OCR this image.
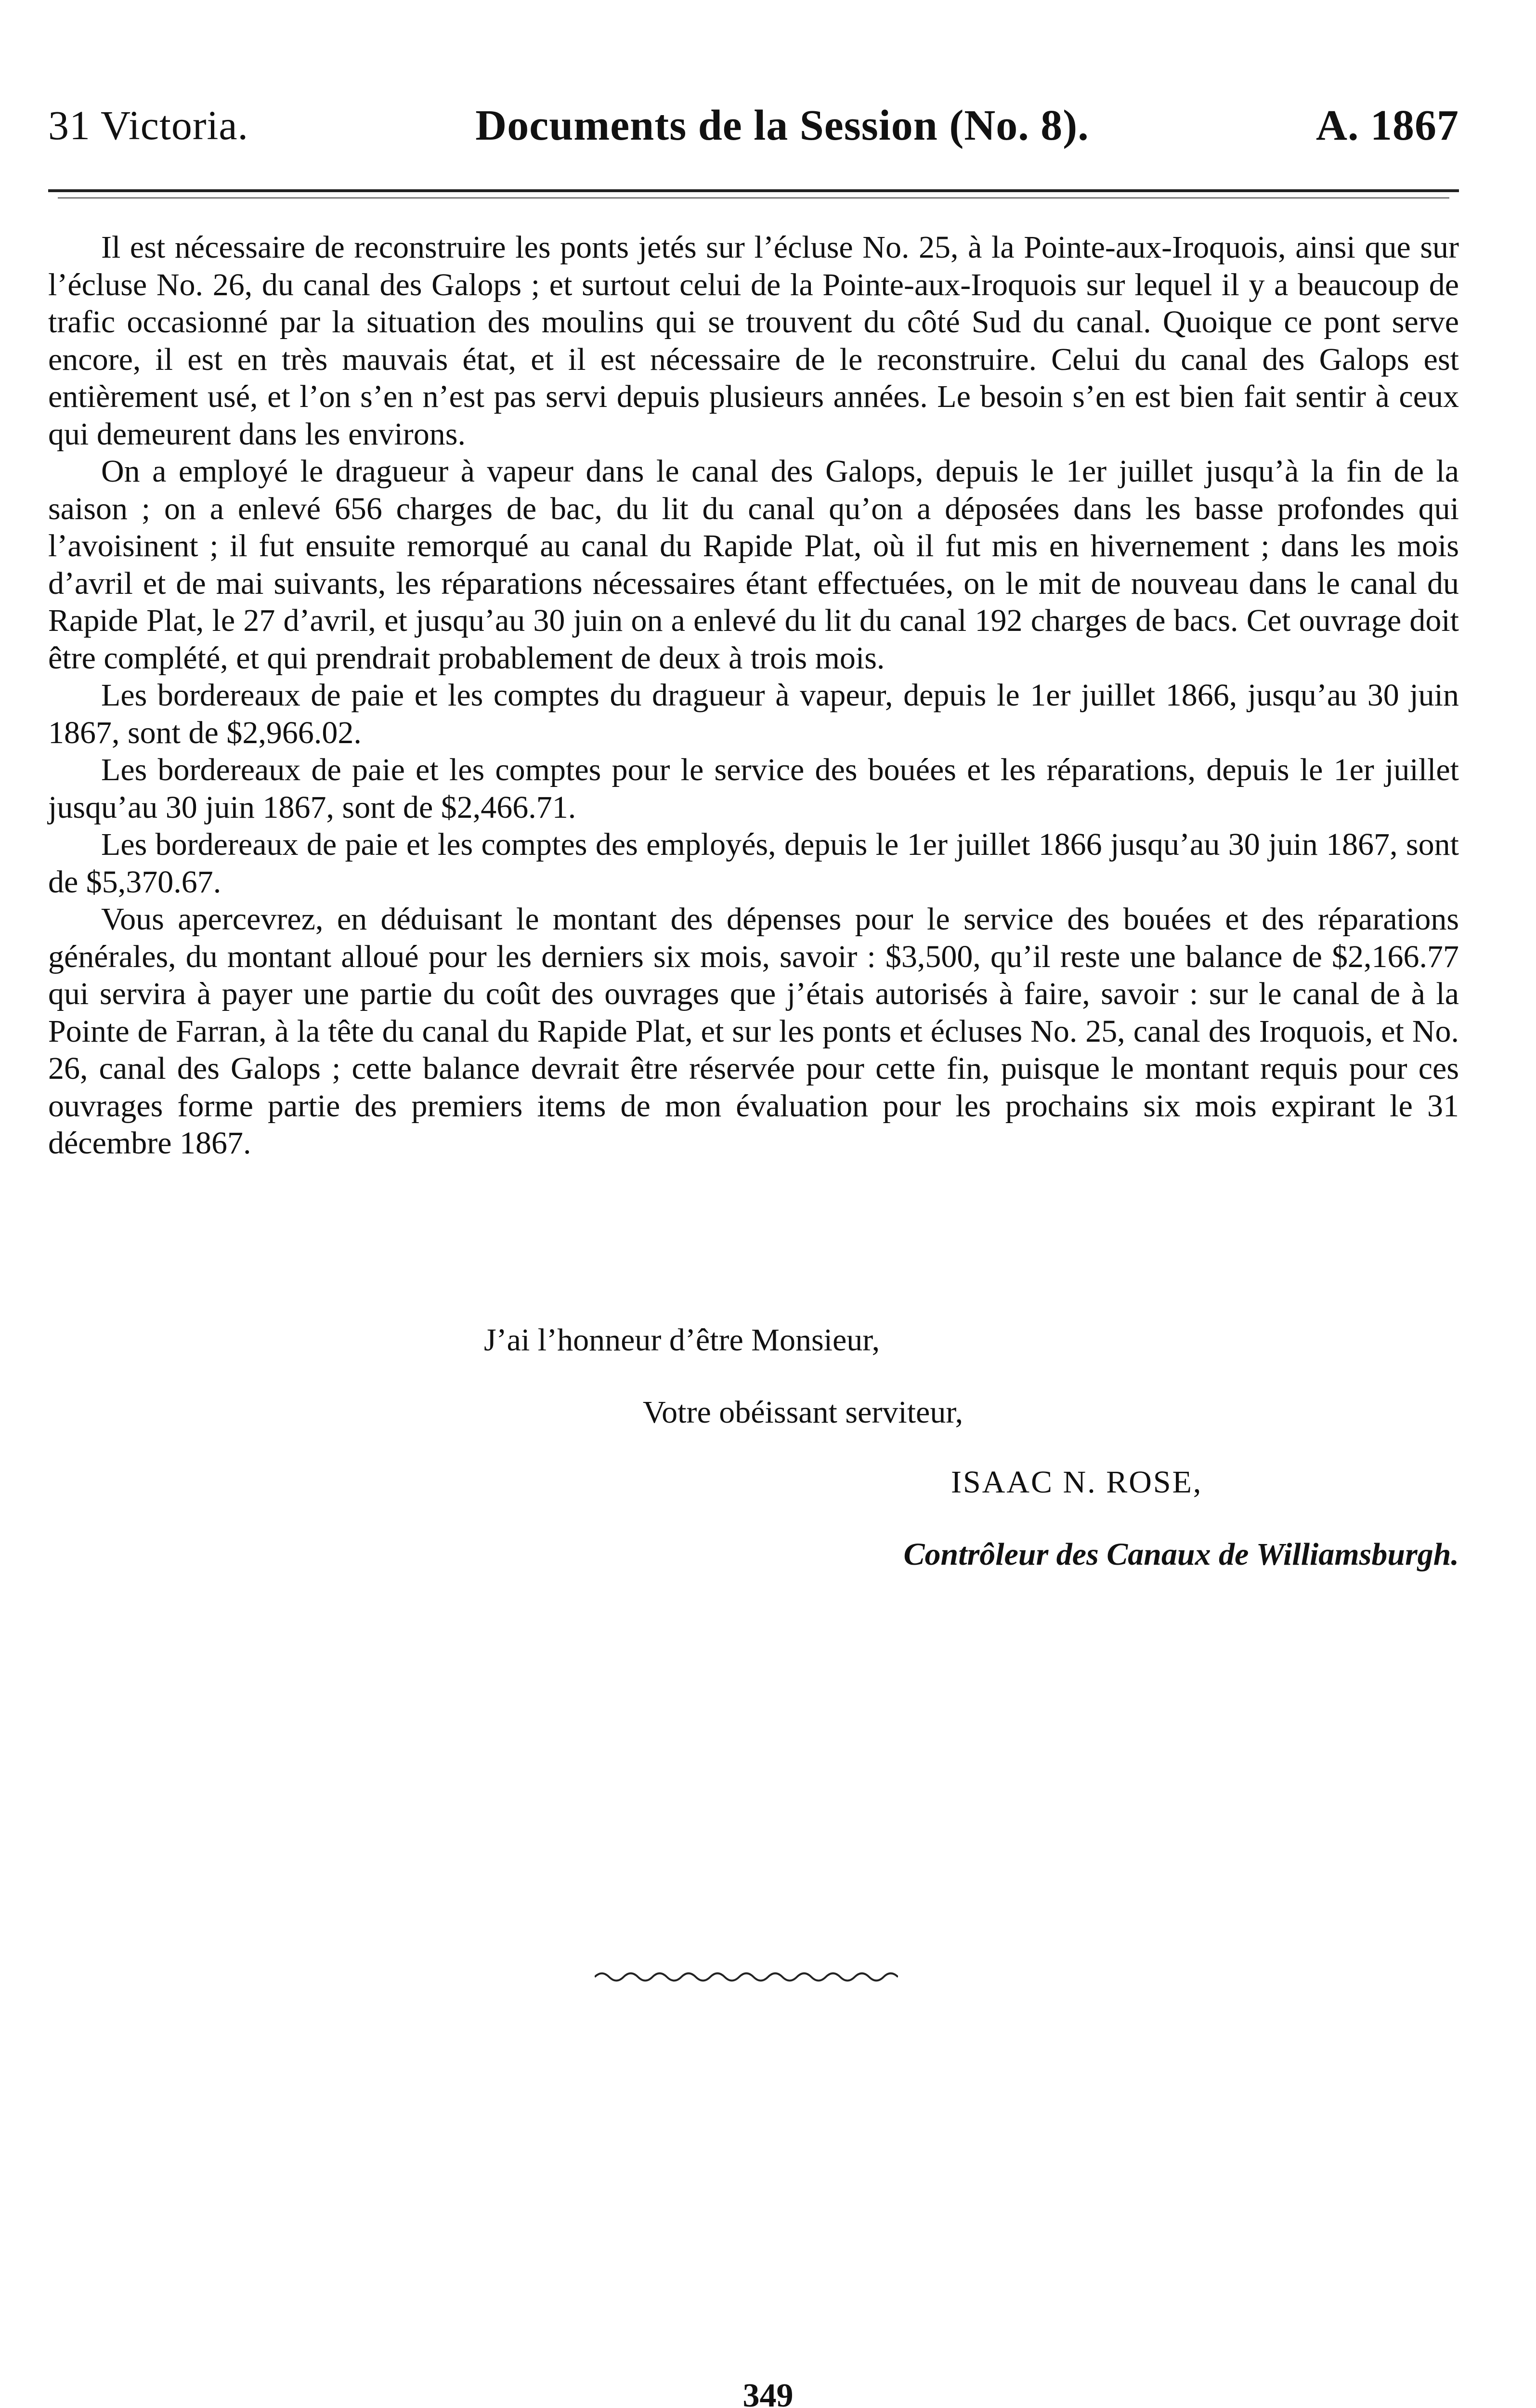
31 Victoria.	Documents de la Session (No. 8).	A. 1867

Il est nécessaire de reconstruire les ponts jetés sur l’écluse No. 25, à la Pointe-aux-Iroquois, ainsi que sur l’écluse No. 26, du canal des Galops ; et surtout celui de la Pointe-aux-Iroquois sur lequel il y a beaucoup de trafic occasionné par la situation des moulins qui se trouvent du côté Sud du canal. Quoique ce pont serve encore, il est en très mauvais état, et il est nécessaire de le reconstruire. Celui du canal des Galops est entièrement usé, et l’on s’en n’est pas servi depuis plusieurs années. Le besoin s’en est bien fait sentir à ceux qui demeurent dans les environs.

On a employé le dragueur à vapeur dans le canal des Galops, depuis le 1er juillet jusqu’à la fin de la saison ; on a enlevé 656 charges de bac, du lit du canal qu’on a déposées dans les basse profondes qui l’avoisinent ; il fut ensuite remorqué au canal du Rapide Plat, où il fut mis en hivernement ; dans les mois d’avril et de mai suivants, les réparations nécessaires étant effectuées, on le mit de nouveau dans le canal du Rapide Plat, le 27 d’avril, et jusqu’au 30 juin on a enlevé du lit du canal 192 charges de bacs. Cet ouvrage doit être complété, et qui prendrait probablement de deux à trois mois.

Les bordereaux de paie et les comptes du dragueur à vapeur, depuis le 1er juillet 1866, jusqu’au 30 juin 1867, sont de $2,966.02.

Les bordereaux de paie et les comptes pour le service des bouées et les réparations, depuis le 1er juillet jusqu’au 30 juin 1867, sont de $2,466.71.

Les bordereaux de paie et les comptes des employés, depuis le 1er juillet 1866 jusqu’au 30 juin 1867, sont de $5,370.67.

Vous apercevrez, en déduisant le montant des dépenses pour le service des bouées et des réparations générales, du montant alloué pour les derniers six mois, savoir : $3,500, qu’il reste une balance de $2,166.77 qui servira à payer une partie du coût des ouvrages que j’étais autorisés à faire, savoir : sur le canal de à la Pointe de Farran, à la tête du canal du Rapide Plat, et sur les ponts et écluses No. 25, canal des Iroquois, et No. 26, canal des Galops ; cette balance devrait être réservée pour cette fin, puisque le montant requis pour ces ouvrages forme partie des premiers items de mon évaluation pour les prochains six mois expirant le 31 décembre 1867.

J’ai l’honneur d’être Monsieur,
Votre obéissant serviteur,
ISAAC N. ROSE,
Contrôleur des Canaux de Williamsburgh.
349
